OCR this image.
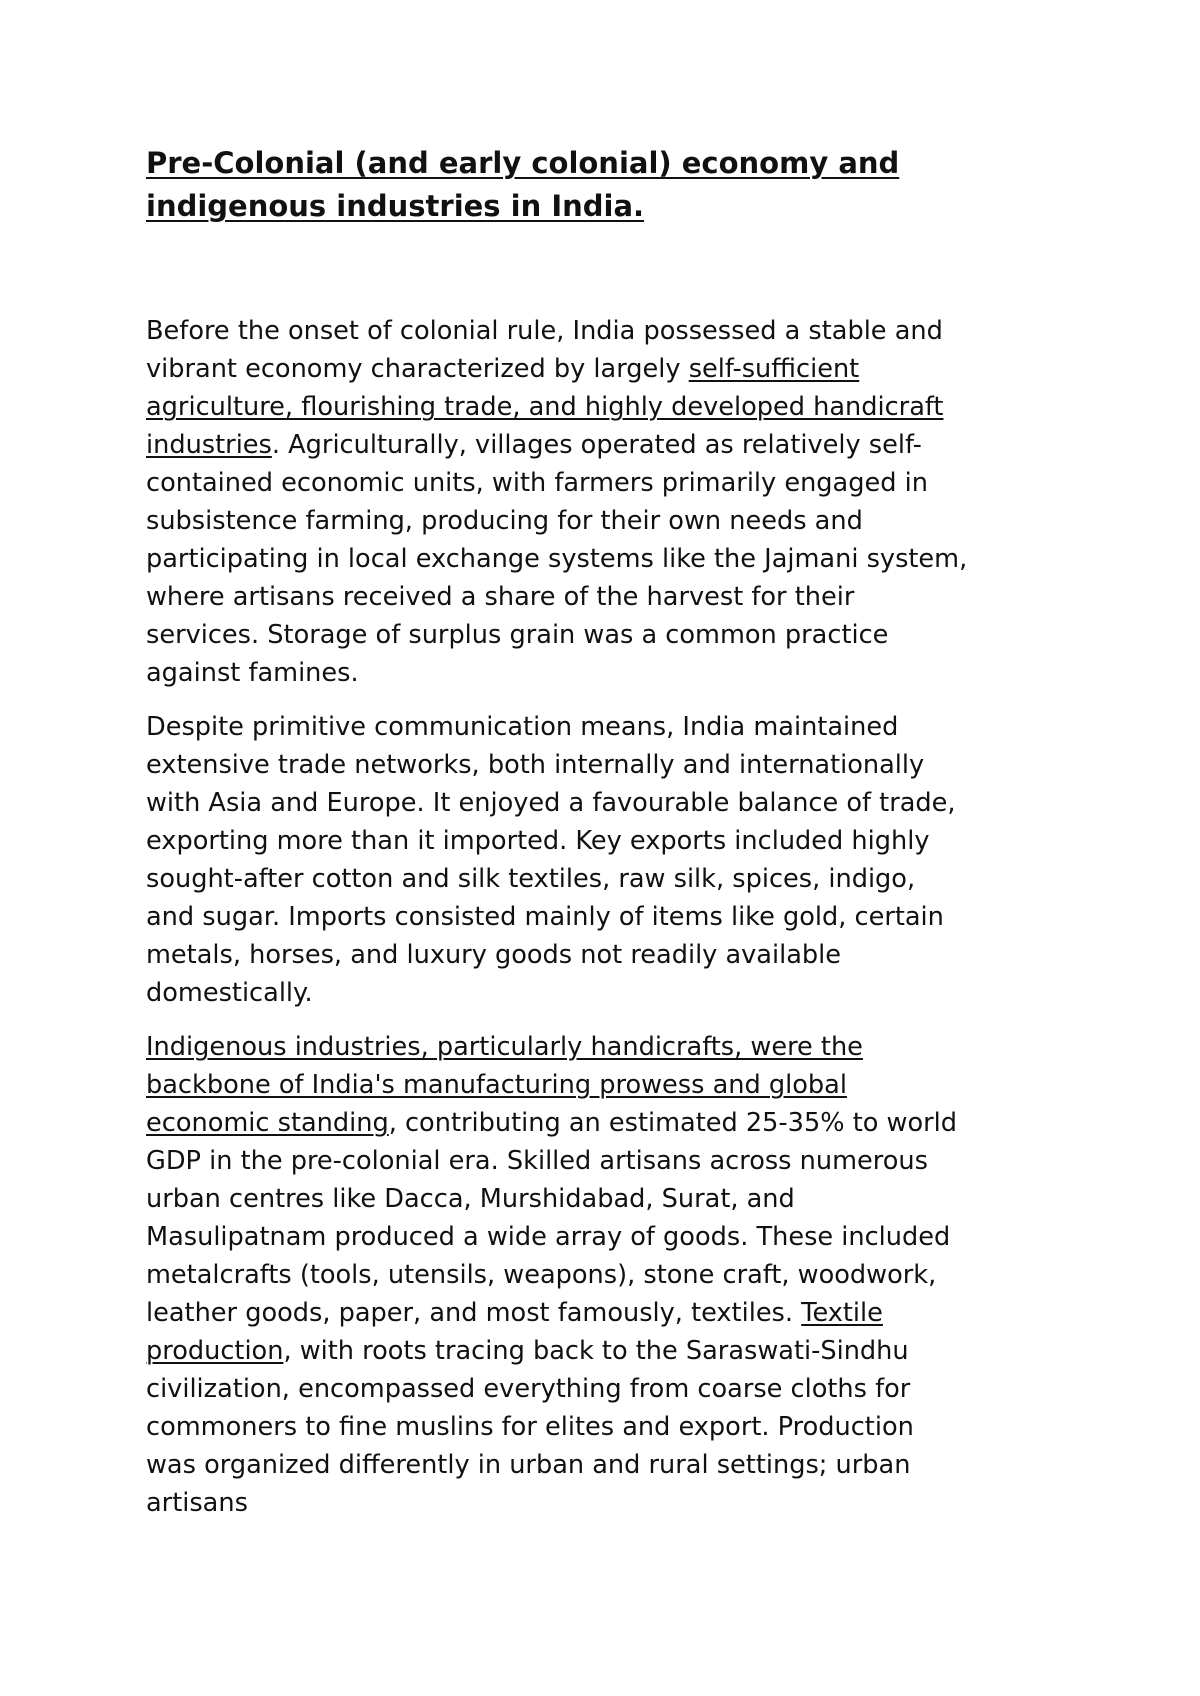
Pre-Colonial (and early colonial) economy and
indigenous industries in India.

Before the onset of colonial rule, India possessed a stable and
vibrant economy characterized by largely self-sufficient
agriculture, flourishing trade, and highly developed handicraft
industries. Agriculturally, villages operated as relatively self-
contained economic units, with farmers primarily engaged in
subsistence farming, producing for their own needs and
participating in local exchange systems like the Jajmani system,
where artisans received a share of the harvest for their
services. Storage of surplus grain was a common practice
against famines.

Despite primitive communication means, India maintained
extensive trade networks, both internally and internationally
with Asia and Europe. It enjoyed a favourable balance of trade,
exporting more than it imported. Key exports included highly
sought-after cotton and silk textiles, raw silk, spices, indigo,
and sugar. Imports consisted mainly of items like gold, certain
metals, horses, and luxury goods not readily available
domestically.

Indigenous industries, particularly handicrafts, were the
backbone of India's manufacturing prowess and global
economic standing, contributing an estimated 25-35% to world
GDP in the pre-colonial era. Skilled artisans across numerous
urban centres like Dacca, Murshidabad, Surat, and
Masulipatnam produced a wide array of goods. These included
metalcrafts (tools, utensils, weapons), stone craft, woodwork,
leather goods, paper, and most famously, textiles. Textile
production, with roots tracing back to the Saraswati-Sindhu
civilization, encompassed everything from coarse cloths for
commoners to fine muslins for elites and export. Production
was organized differently in urban and rural settings; urban
artisans
